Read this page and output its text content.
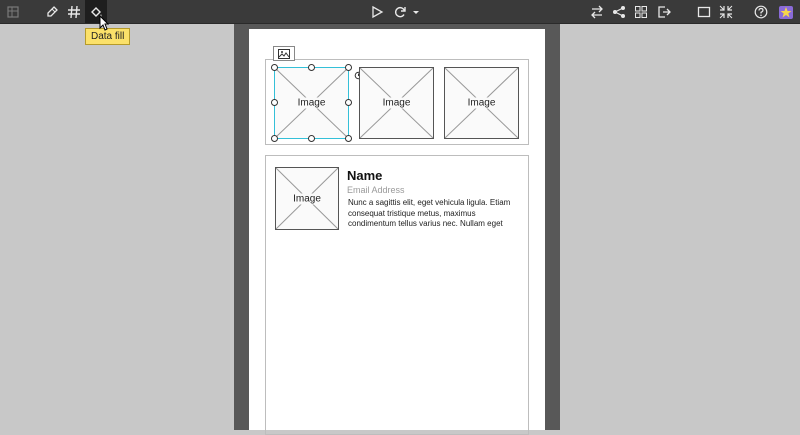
Data fill
Image	Image	Image
Image
Name
Email Address
Nunc a sagittis elit, eget vehicula ligula. Etiam consequat tristique metus, maximus condimentum tellus varius nec. Nullam eget
